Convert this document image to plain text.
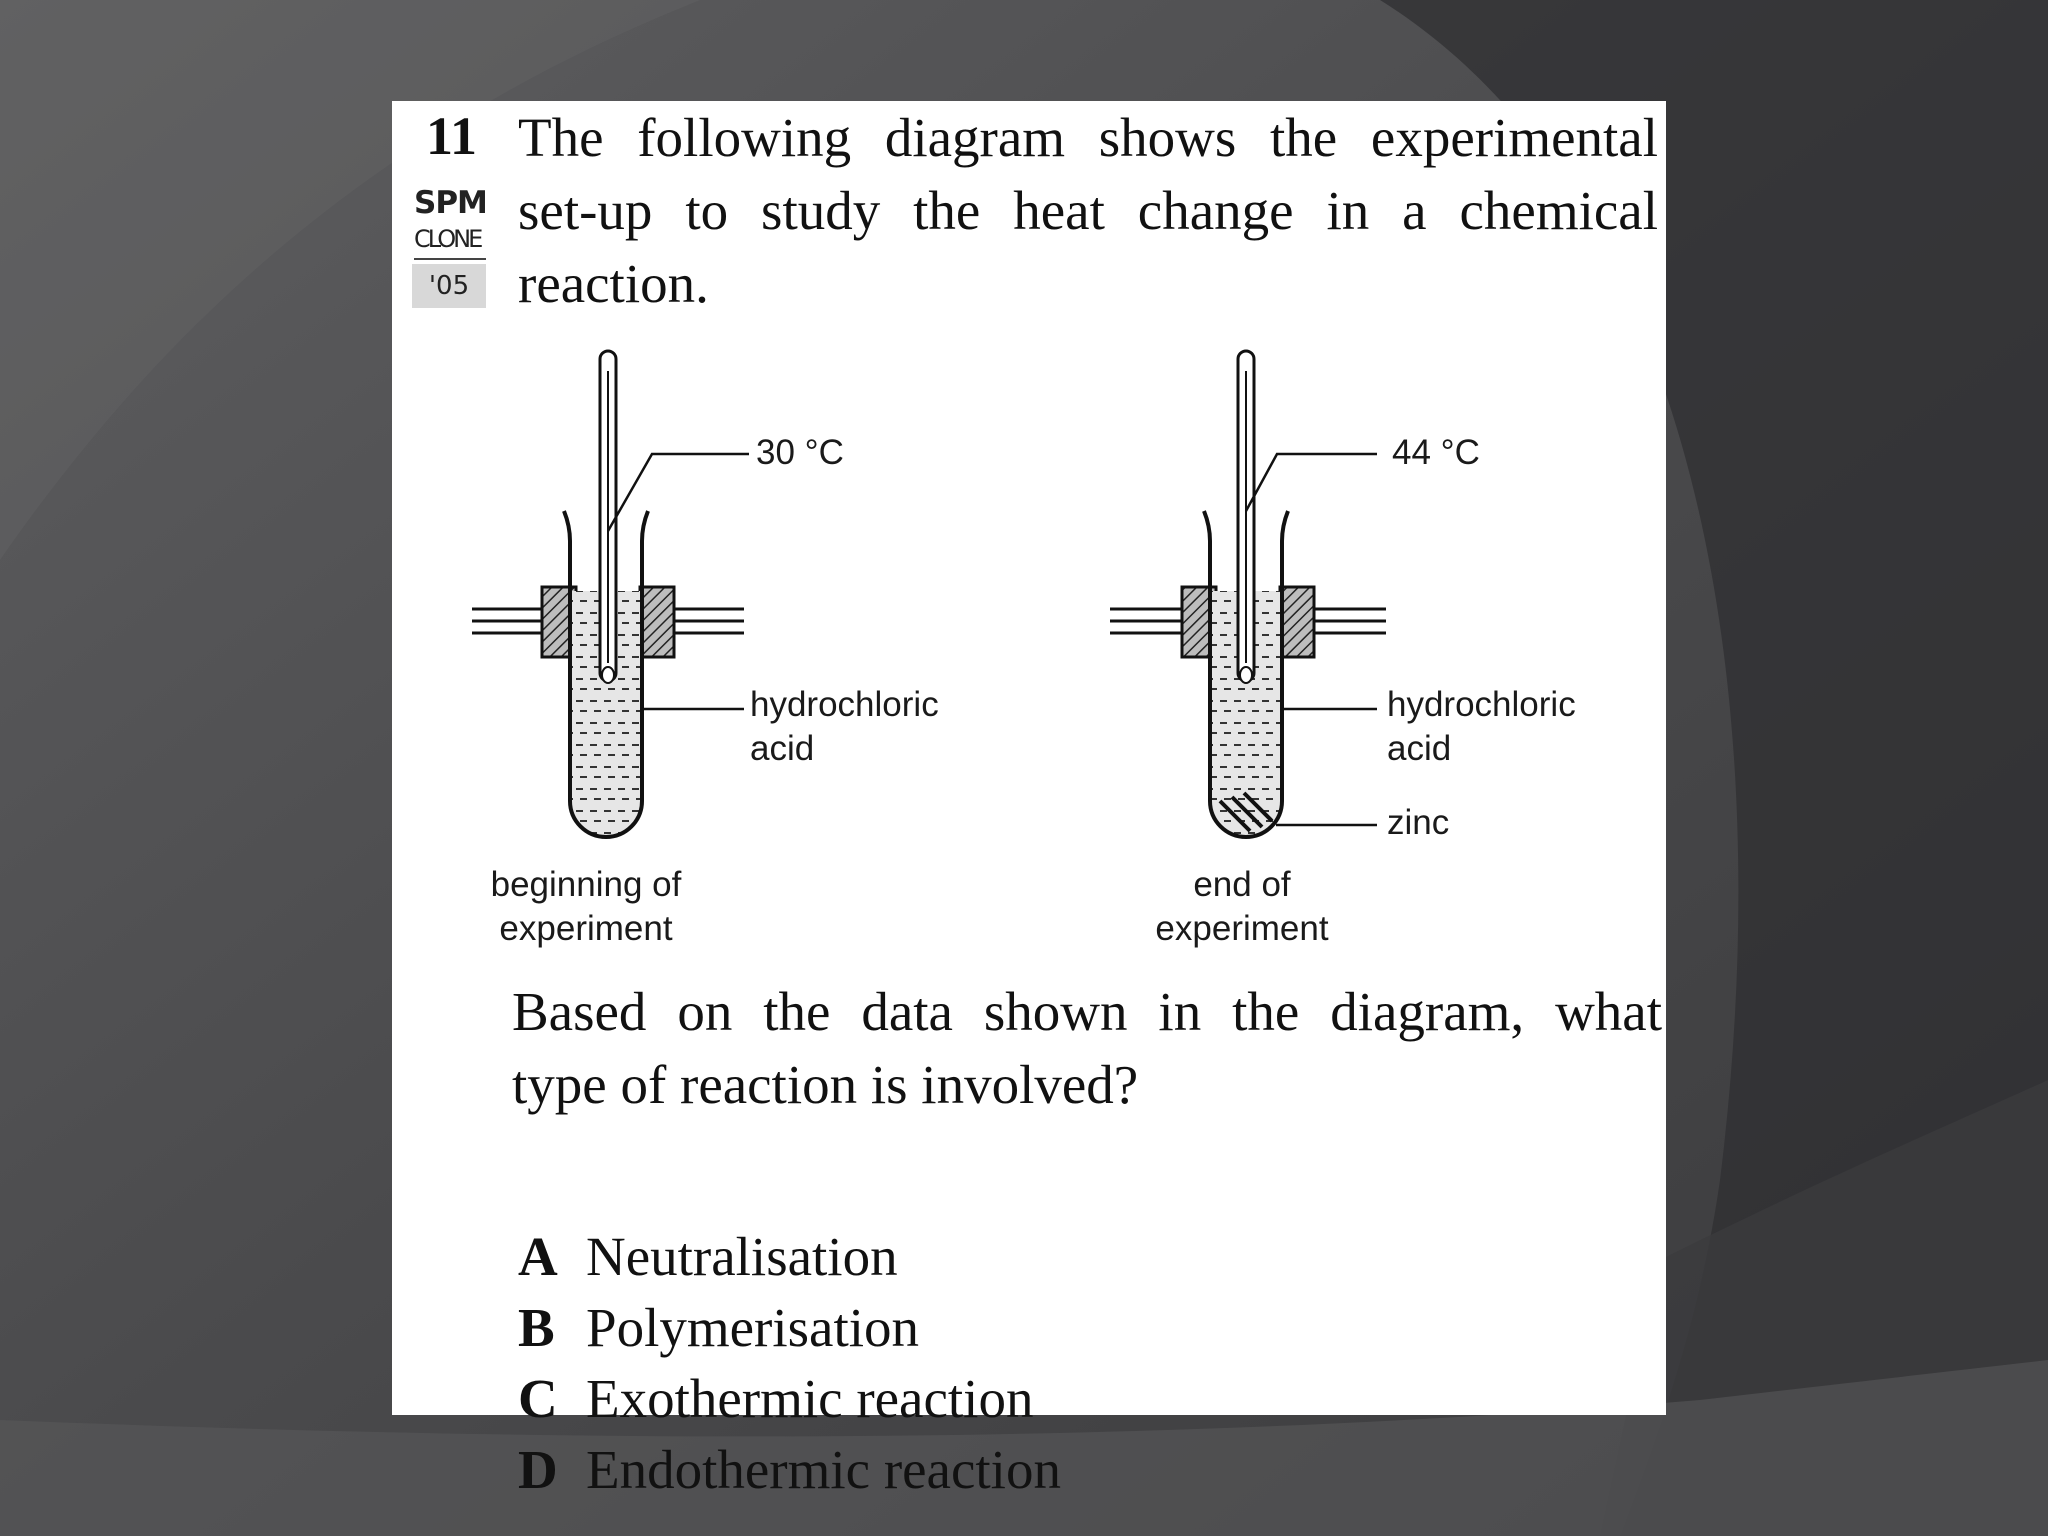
11
SPM
CLONE
'05
The following diagram shows the experimental
set-up to study the heat change in a chemical
reaction.
30 °C
hydrochloric
acid
beginning of
experiment
44 °C
hydrochloric
acid
zinc
end of
experiment
Based on the data shown in the diagram, what
type of reaction is involved?
A Neutralisation
B Polymerisation
C Exothermic reaction
D Endothermic reaction
